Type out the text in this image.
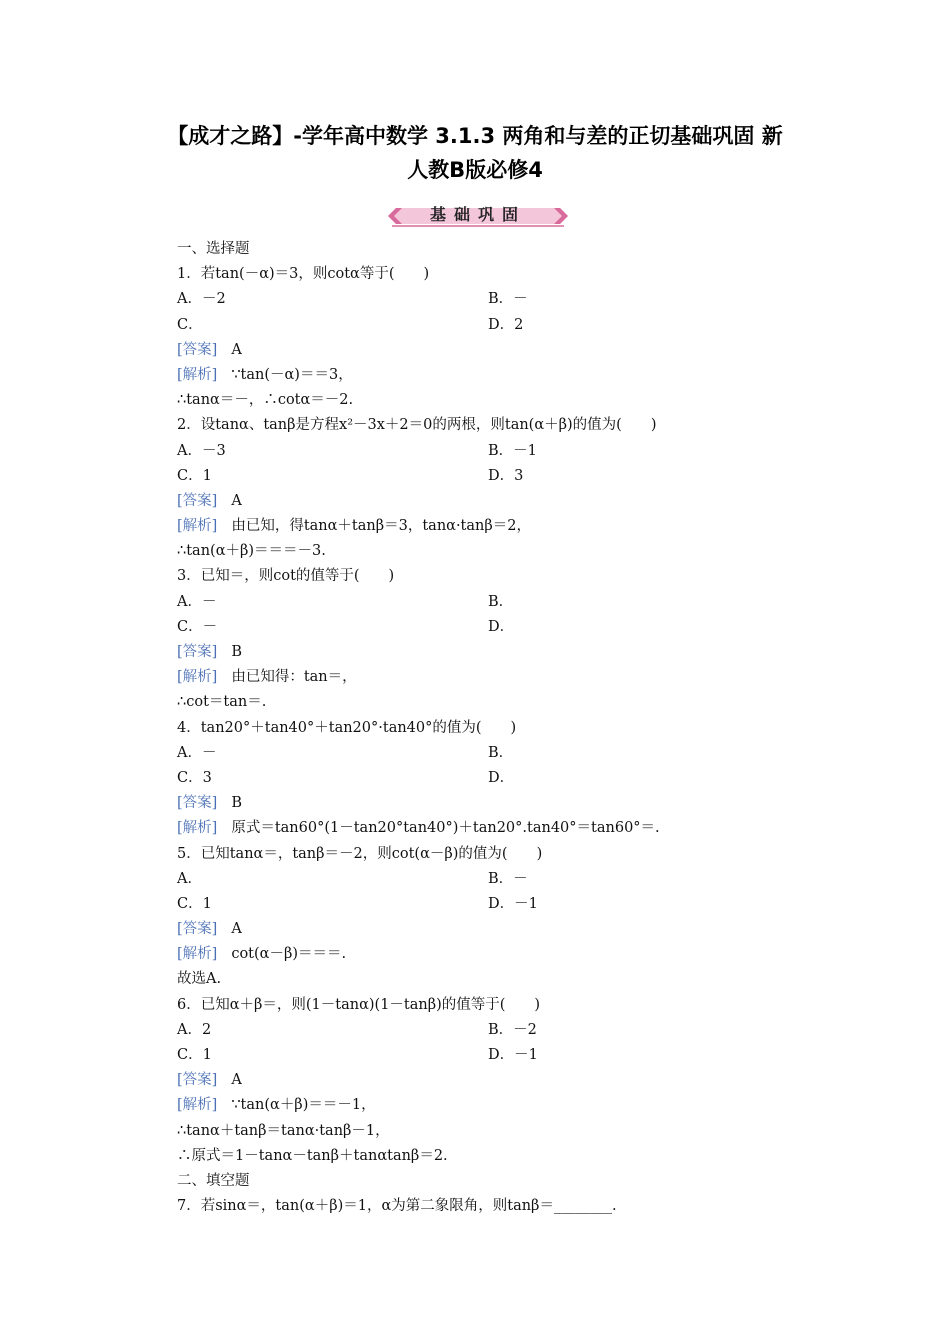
【成才之路】-学年高中数学 3.1.3 两角和与差的正切基础巩固 新
人教B版必修4
基础巩固
一、选择题
1．若tan(－α)＝3，则cotα等于(　　)
A．－2	B．－
C．	D．2
[答案] A
[解析] ∵tan(－α)＝＝3，
∴tanα＝－，∴cotα＝－2.
2．设tanα、tanβ是方程x²－3x＋2＝0的两根，则tan(α＋β)的值为(　　)
A．－3	B．－1
C．1	D．3
[答案] A
[解析] 由已知，得tanα＋tanβ＝3，tanα·tanβ＝2，
∴tan(α＋β)＝＝＝－3.
3．已知＝，则cot的值等于(　　)
A．－	B．
C．－	D．
[答案] B
[解析] 由已知得：tan＝，
∴cot＝tan＝.
4．tan20°＋tan40°＋tan20°·tan40°的值为(　　)
A．－	B．
C．3	D．
[答案] B
[解析] 原式＝tan60°(1－tan20°tan40°)＋tan20°.tan40°＝tan60°＝.
5．已知tanα＝，tanβ＝－2，则cot(α－β)的值为(　　)
A．	B．－
C．1	D．－1
[答案] A
[解析] cot(α－β)＝＝＝.
故选A.
6．已知α＋β＝，则(1－tanα)(1－tanβ)的值等于(　　)
A．2	B．－2
C．1	D．－1
[答案] A
[解析] ∵tan(α＋β)＝＝－1，
∴tanα＋tanβ＝tanα·tanβ－1，
∴原式＝1－tanα－tanβ＋tanαtanβ＝2.
二、填空题
7．若sinα＝，tan(α＋β)＝1，α为第二象限角，则tanβ＝________.
